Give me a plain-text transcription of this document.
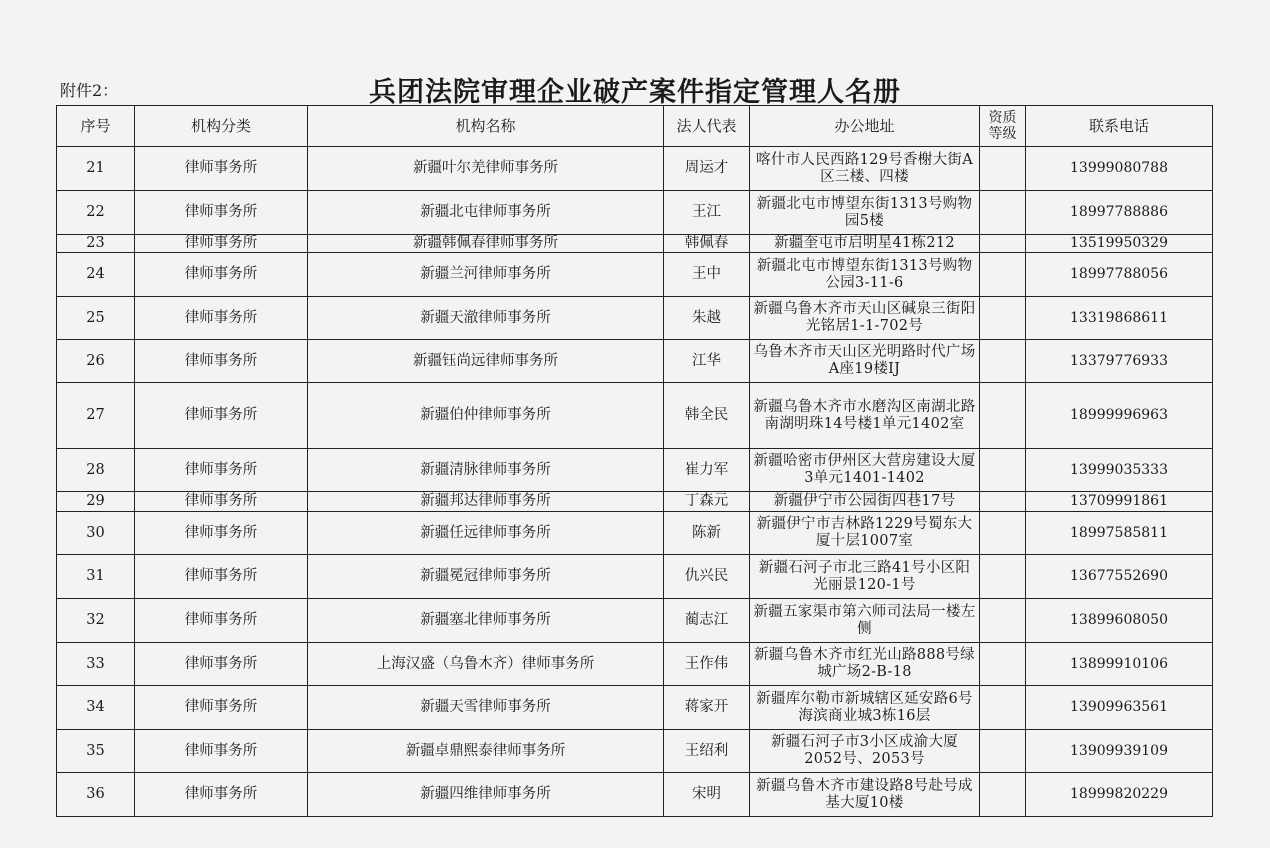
附件2：	兵团法院审理企业破产案件指定管理人名册
序号	机构分类	机构名称	法人代表	办公地址	资质等级	联系电话
21	律师事务所	新疆叶尔羌律师事务所	周运才	喀什市人民西路129号香榭大街A区三楼、四楼		13999080788
22	律师事务所	新疆北屯律师事务所	王江	新疆北屯市博望东街1313号购物园5楼		18997788886
23	律师事务所	新疆韩佩春律师事务所	韩佩春	新疆奎屯市启明星41栋212		13519950329
24	律师事务所	新疆兰河律师事务所	王中	新疆北屯市博望东街1313号购物公园3-11-6		18997788056
25	律师事务所	新疆天澈律师事务所	朱越	新疆乌鲁木齐市天山区碱泉三街阳光铭居1-1-702号		13319868611
26	律师事务所	新疆钰尚远律师事务所	江华	乌鲁木齐市天山区光明路时代广场A座19楼IJ		13379776933
27	律师事务所	新疆伯仲律师事务所	韩全民	新疆乌鲁木齐市水磨沟区南湖北路南湖明珠14号楼1单元1402室		18999996963
28	律师事务所	新疆清脉律师事务所	崔力军	新疆哈密市伊州区大营房建设大厦3单元1401-1402		13999035333
29	律师事务所	新疆邦达律师事务所	丁森元	新疆伊宁市公园街四巷17号		13709991861
30	律师事务所	新疆任远律师事务所	陈新	新疆伊宁市吉林路1229号蜀东大厦十层1007室		18997585811
31	律师事务所	新疆冕冠律师事务所	仇兴民	新疆石河子市北三路41号小区阳光丽景120-1号		13677552690
32	律师事务所	新疆塞北律师事务所	蔺志江	新疆五家渠市第六师司法局一楼左侧		13899608050
33	律师事务所	上海汉盛（乌鲁木齐）律师事务所	王作伟	新疆乌鲁木齐市红光山路888号绿城广场2-B-18		13899910106
34	律师事务所	新疆天雪律师事务所	蒋家开	新疆库尔勒市新城辖区延安路6号海滨商业城3栋16层		13909963561
35	律师事务所	新疆卓鼎熙泰律师事务所	王绍利	新疆石河子市3小区成渝大厦2052号、2053号		13909939109
36	律师事务所	新疆四维律师事务所	宋明	新疆乌鲁木齐市建设路8号赴号成基大厦10楼		18999820229
